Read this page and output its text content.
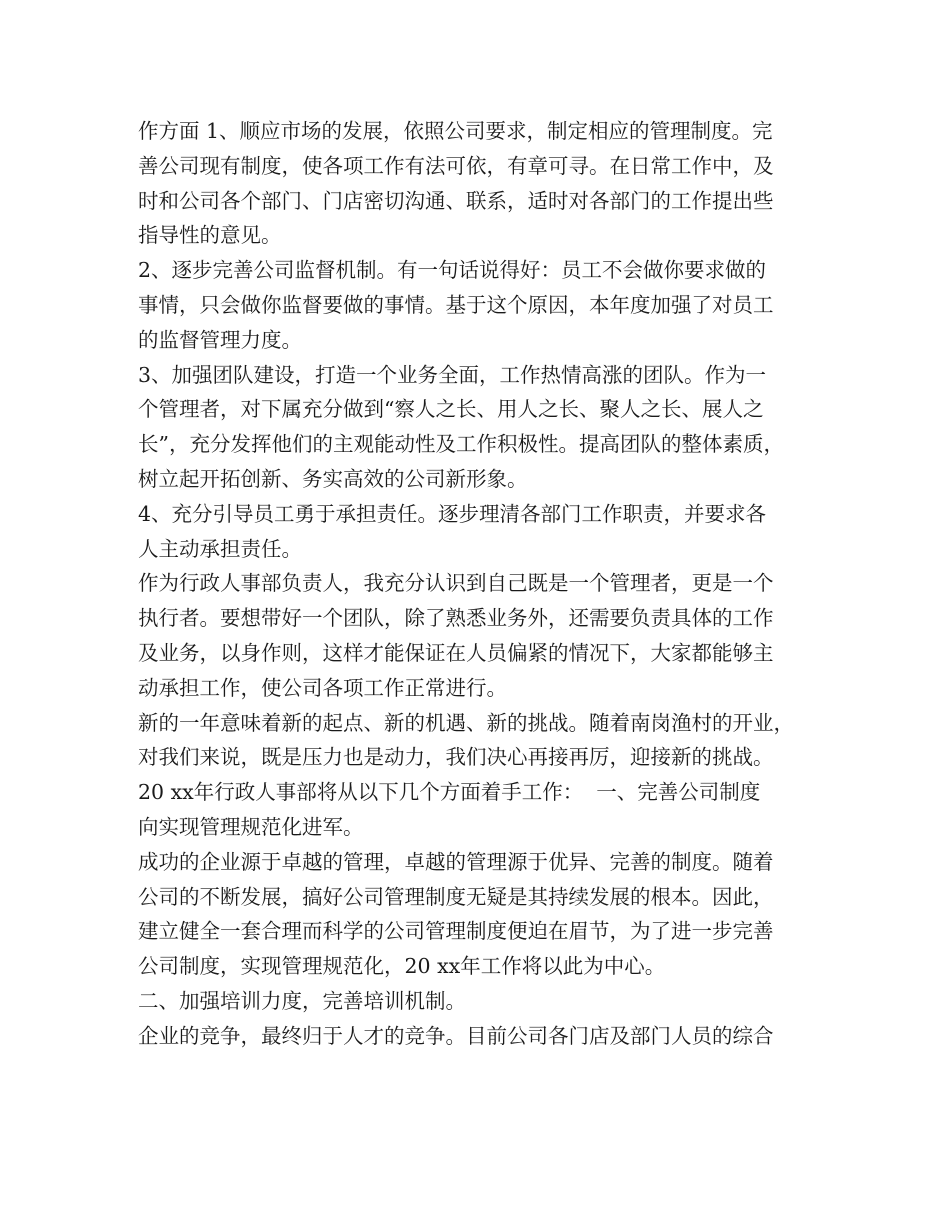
作方面 1、顺应市场的发展，依照公司要求，制定相应的管理制度。完
善公司现有制度，使各项工作有法可依，有章可寻。在日常工作中，及
时和公司各个部门、门店密切沟通、联系，适时对各部门的工作提出些
指导性的意见。
2、逐步完善公司监督机制。有一句话说得好：员工不会做你要求做的
事情，只会做你监督要做的事情。基于这个原因，本年度加强了对员工
的监督管理力度。
3、加强团队建设，打造一个业务全面，工作热情高涨的团队。作为一
个管理者，对下属充分做到“察人之长、用人之长、聚人之长、展人之
长”，充分发挥他们的主观能动性及工作积极性。提高团队的整体素质，
树立起开拓创新、务实高效的公司新形象。
4、充分引导员工勇于承担责任。逐步理清各部门工作职责，并要求各
人主动承担责任。
作为行政人事部负责人，我充分认识到自己既是一个管理者，更是一个
执行者。要想带好一个团队，除了熟悉业务外，还需要负责具体的工作
及业务，以身作则，这样才能保证在人员偏紧的情况下，大家都能够主
动承担工作，使公司各项工作正常进行。
新的一年意味着新的起点、新的机遇、新的挑战。随着南岗渔村的开业，
对我们来说，既是压力也是动力，我们决心再接再厉，迎接新的挑战。
20 xx年行政人事部将从以下几个方面着手工作：  一、完善公司制度
向实现管理规范化进军。
成功的企业源于卓越的管理，卓越的管理源于优异、完善的制度。随着
公司的不断发展，搞好公司管理制度无疑是其持续发展的根本。因此，
建立健全一套合理而科学的公司管理制度便迫在眉节，为了进一步完善
公司制度，实现管理规范化，20 xx年工作将以此为中心。
二、加强培训力度，完善培训机制。
企业的竞争，最终归于人才的竞争。目前公司各门店及部门人员的综合
